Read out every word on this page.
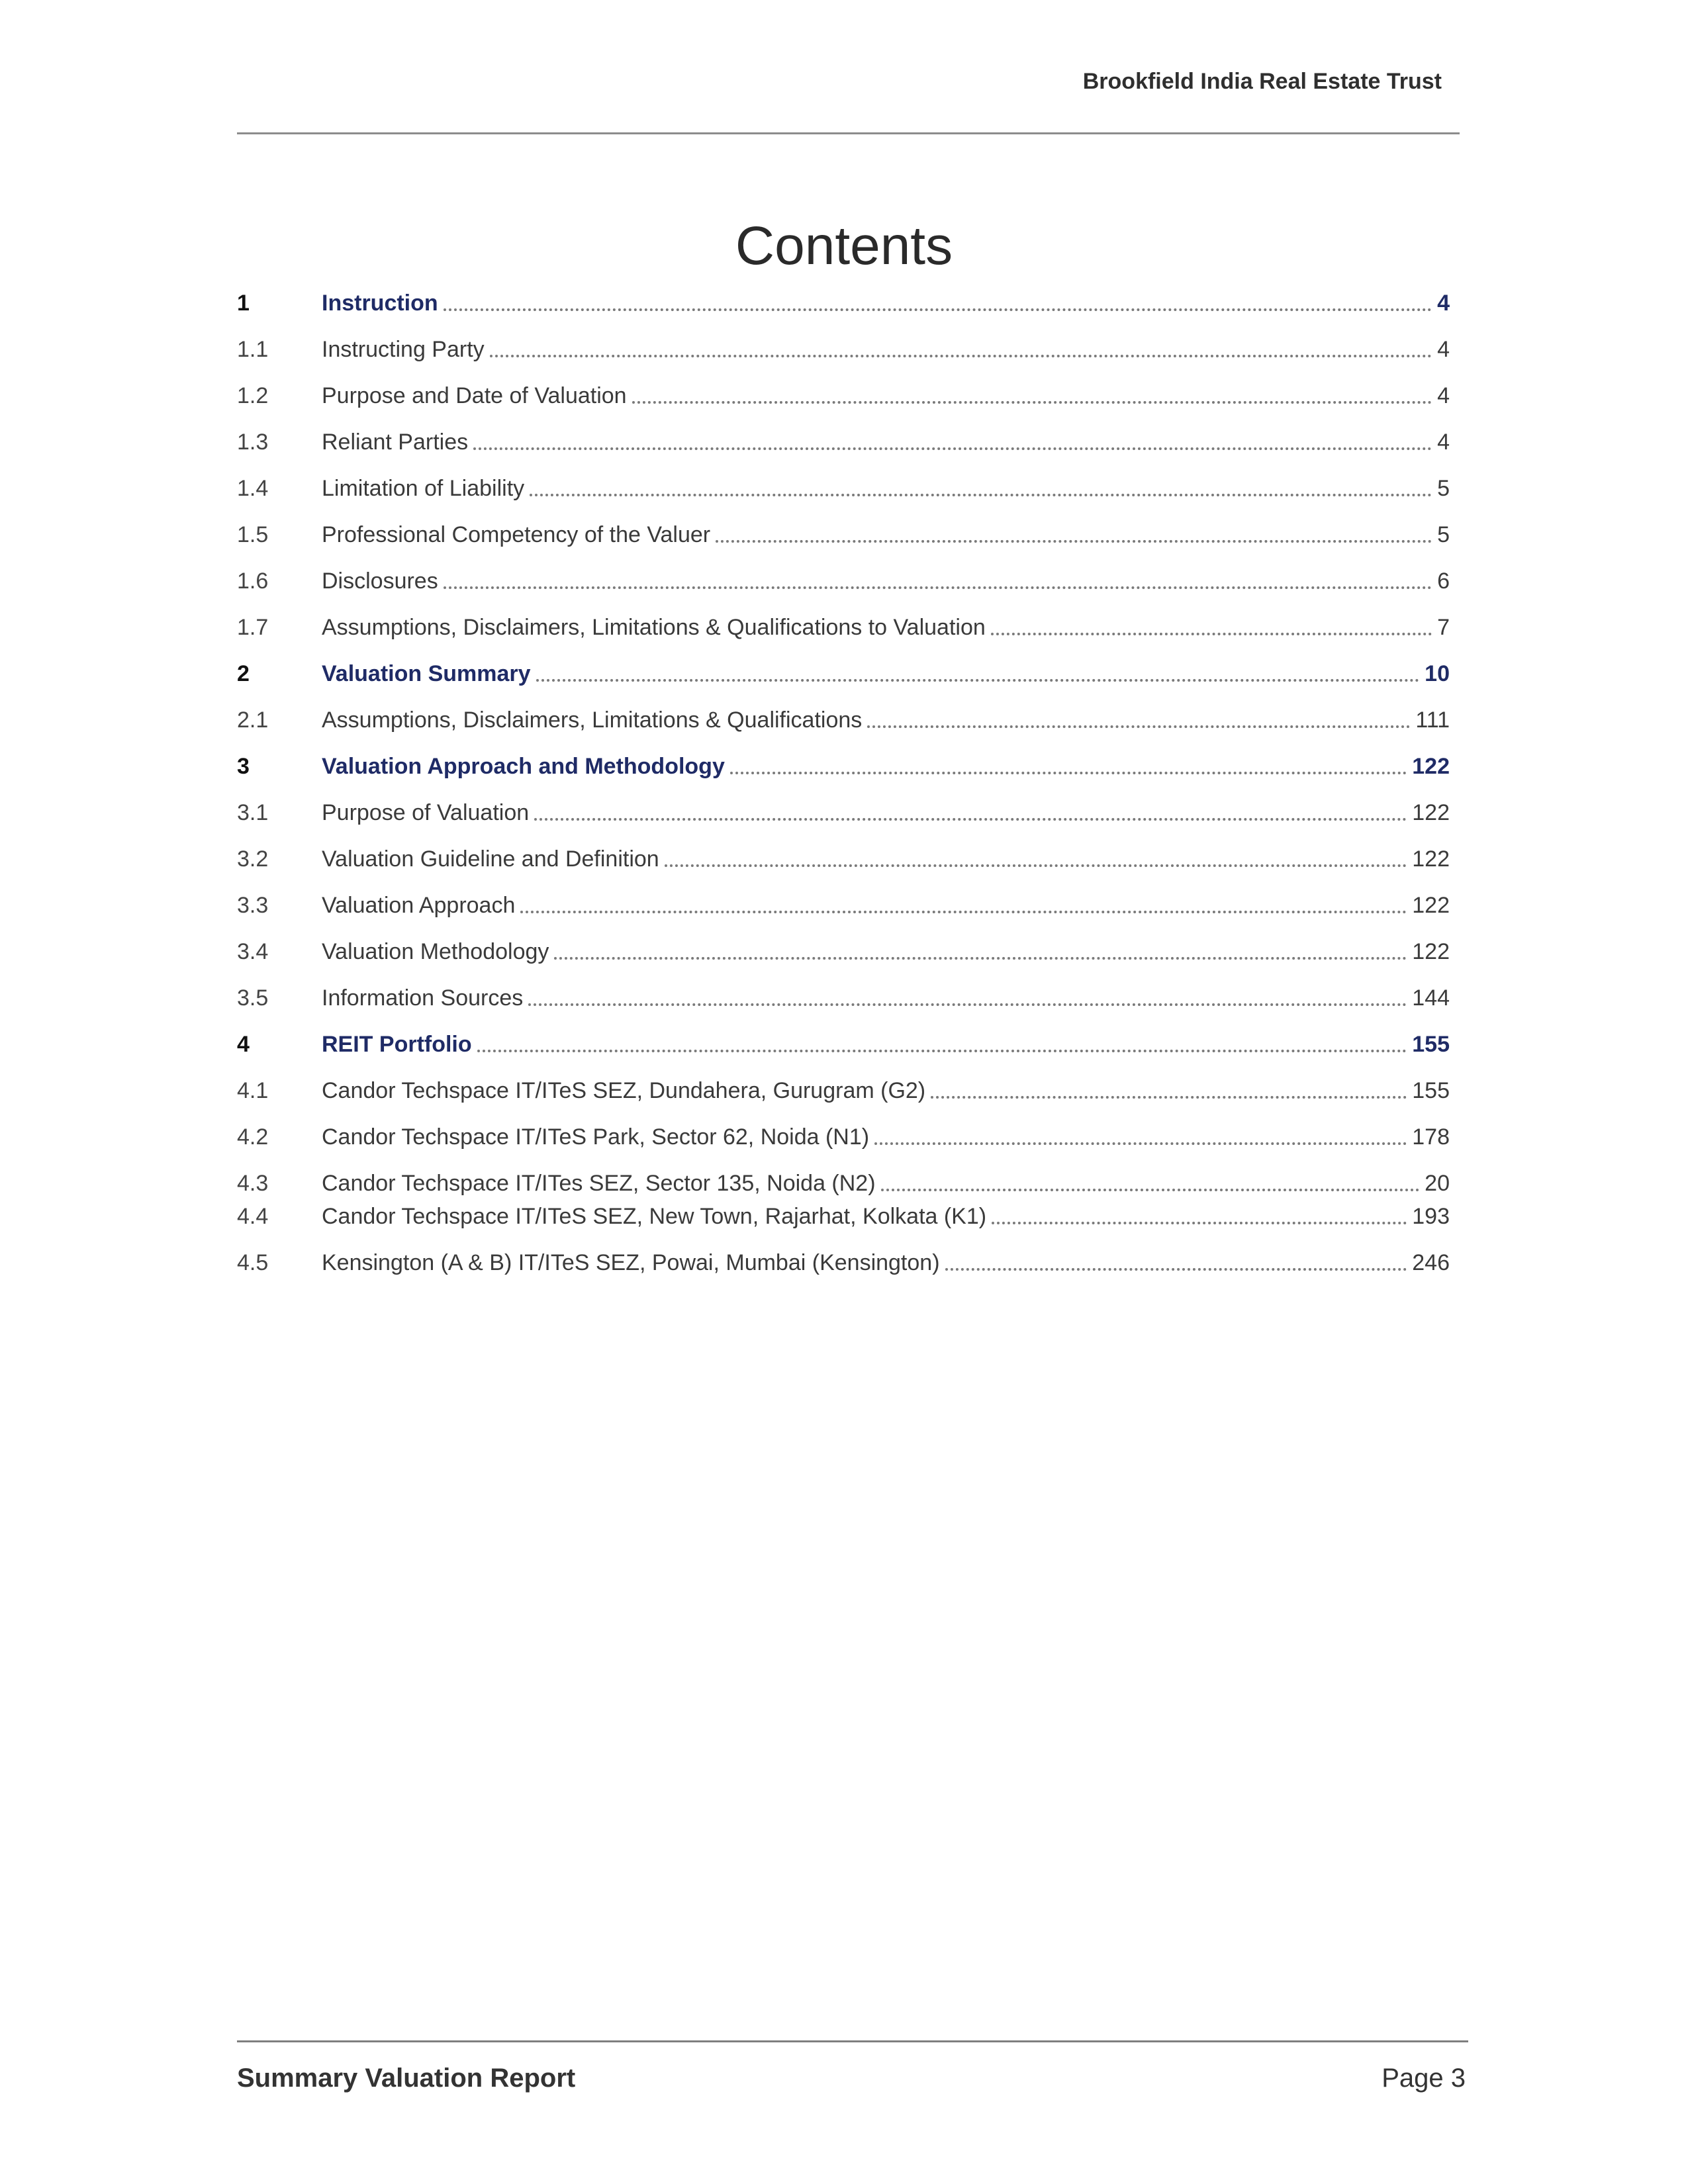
Brookfield India Real Estate Trust
Contents
1	Instruction	4
1.1	Instructing Party	4
1.2	Purpose and Date of Valuation	4
1.3	Reliant Parties	4
1.4	Limitation of Liability	5
1.5	Professional Competency of the Valuer	5
1.6	Disclosures	6
1.7	Assumptions, Disclaimers, Limitations & Qualifications to Valuation	7
2	Valuation Summary	10
2.1	Assumptions, Disclaimers, Limitations & Qualifications	111
3	Valuation Approach and Methodology	122
3.1	Purpose of Valuation	122
3.2	Valuation Guideline and Definition	122
3.3	Valuation Approach	122
3.4	Valuation Methodology	122
3.5	Information Sources	144
4	REIT Portfolio	155
4.1	Candor Techspace IT/ITeS SEZ, Dundahera, Gurugram (G2)	155
4.2	Candor Techspace IT/ITeS Park, Sector 62, Noida (N1)	178
4.3	Candor Techspace IT/ITes SEZ, Sector 135, Noida (N2)	20
4.4	Candor Techspace IT/ITeS SEZ, New Town, Rajarhat, Kolkata (K1)	193
4.5	Kensington (A & B) IT/ITeS SEZ, Powai, Mumbai (Kensington)	246
Summary Valuation Report	Page 3
